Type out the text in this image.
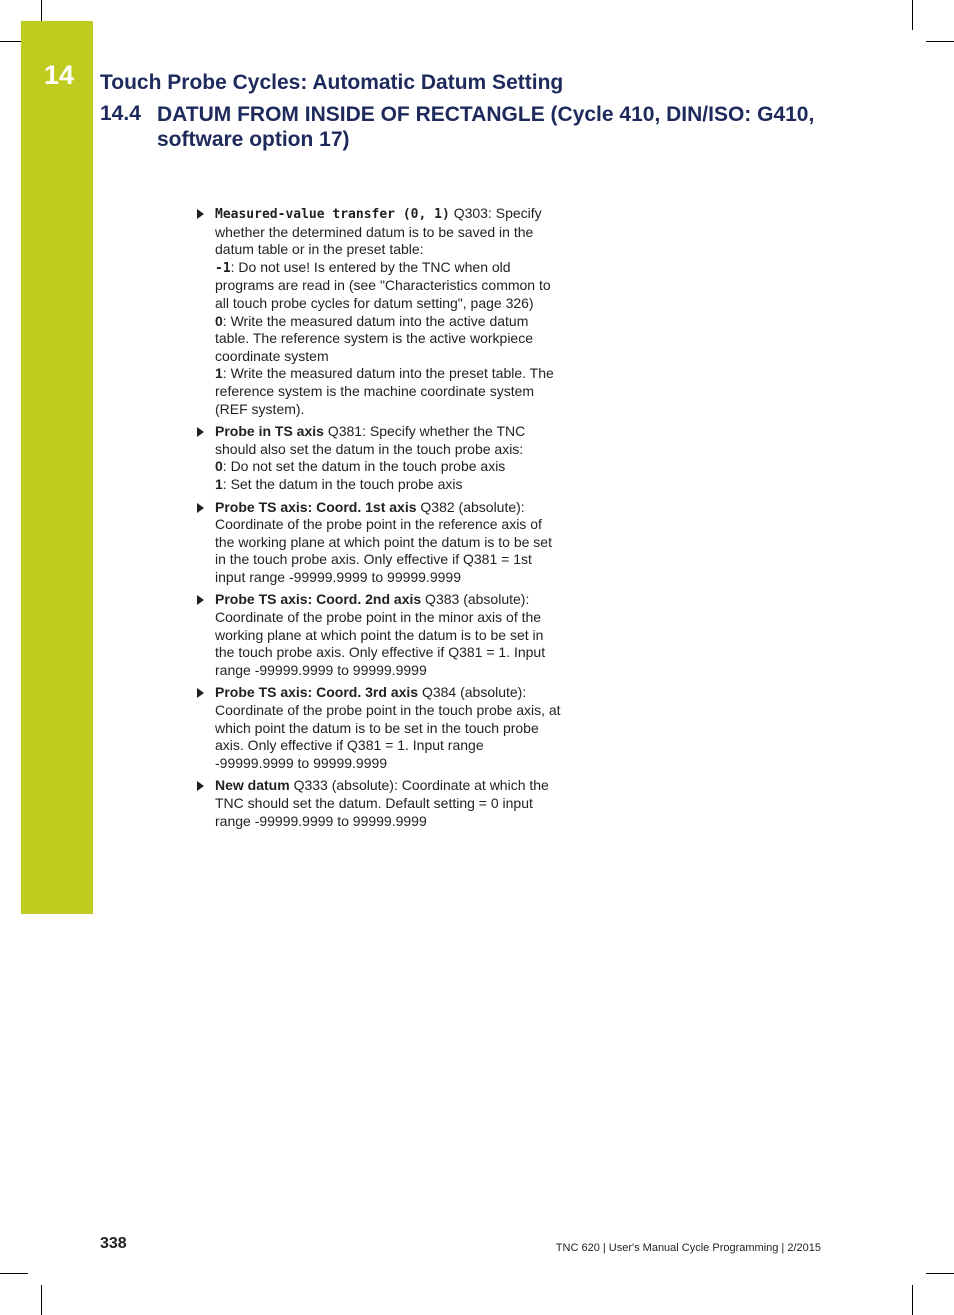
14 Touch Probe Cycles: Automatic Datum Setting
14.4 DATUM FROM INSIDE OF RECTANGLE (Cycle 410, DIN/ISO: G410, software option 17)
Measured-value transfer (0, 1) Q303: Specify whether the determined datum is to be saved in the datum table or in the preset table:
-1: Do not use! Is entered by the TNC when old programs are read in (see "Characteristics common to all touch probe cycles for datum setting", page 326)
0: Write the measured datum into the active datum table. The reference system is the active workpiece coordinate system
1: Write the measured datum into the preset table. The reference system is the machine coordinate system (REF system).
Probe in TS axis Q381: Specify whether the TNC should also set the datum in the touch probe axis:
0: Do not set the datum in the touch probe axis
1: Set the datum in the touch probe axis
Probe TS axis: Coord. 1st axis Q382 (absolute): Coordinate of the probe point in the reference axis of the working plane at which point the datum is to be set in the touch probe axis. Only effective if Q381 = 1st input range -99999.9999 to 99999.9999
Probe TS axis: Coord. 2nd axis Q383 (absolute): Coordinate of the probe point in the minor axis of the working plane at which point the datum is to be set in the touch probe axis. Only effective if Q381 = 1. Input range -99999.9999 to 99999.9999
Probe TS axis: Coord. 3rd axis Q384 (absolute): Coordinate of the probe point in the touch probe axis, at which point the datum is to be set in the touch probe axis. Only effective if Q381 = 1. Input range -99999.9999 to 99999.9999
New datum Q333 (absolute): Coordinate at which the TNC should set the datum. Default setting = 0 input range -99999.9999 to 99999.9999
338	TNC 620 | User's Manual Cycle Programming | 2/2015
